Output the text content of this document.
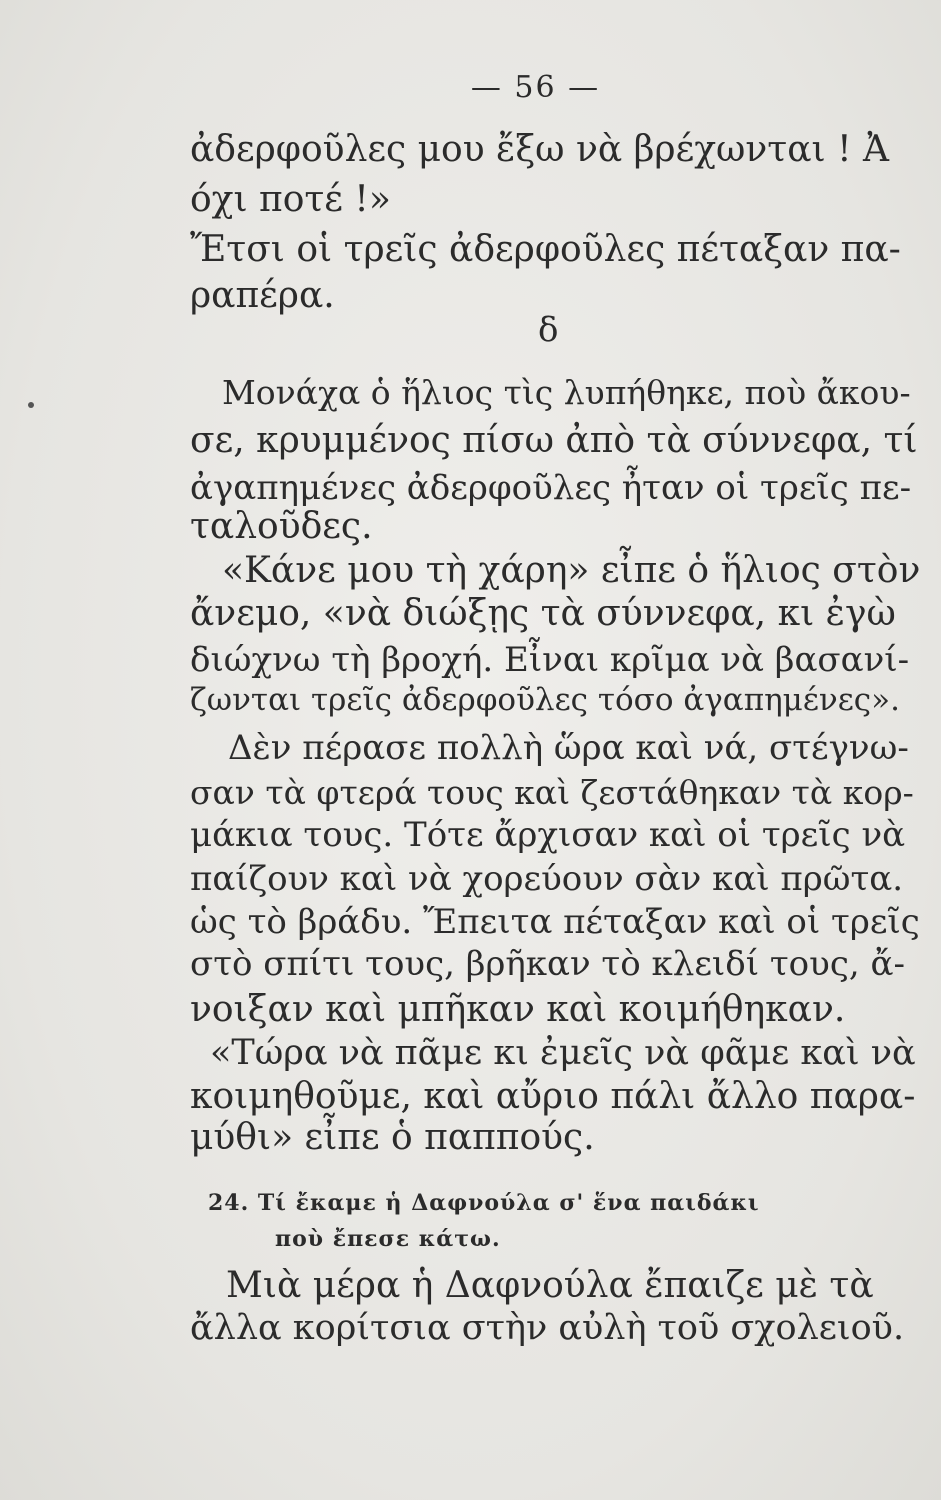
— 56 —
ἀδερφοῦλες μου ἔξω νὰ βρέχωνται ! Ἀ
όχι ποτέ !»
Ἔτσι οἱ τρεῖς ἀδερφοῦλες πέταξαν πα-
ραπέρα.
δ
Μονάχα ὁ ἥλιος τὶς λυπήθηκε, ποὺ ἄκου-
σε, κρυμμένος πίσω ἀπὸ τὰ σύννεφα, τί
ἀγαπημένες ἀδερφοῦλες ἦταν οἱ τρεῖς πε-
ταλοῦδες.
«Κάνε μου τὴ χάρη» εἶπε ὁ ἥλιος στὸν
ἄνεμο, «νὰ διώξῃς τὰ σύννεφα, κι ἐγὼ
διώχνω τὴ βροχή. Εἶναι κρῖμα νὰ βασανί-
ζωνται τρεῖς ἀδερφοῦλες τόσο ἀγαπημένες».
Δὲν πέρασε πολλὴ ὥρα καὶ νά, στέγνω-
σαν τὰ φτερά τους καὶ ζεστάθηκαν τὰ κορ-
μάκια τους. Τότε ἄρχισαν καὶ οἱ τρεῖς νὰ
παίζουν καὶ νὰ χορεύουν σὰν καὶ πρῶτα.
ὡς τὸ βράδυ. Ἔπειτα πέταξαν καὶ οἱ τρεῖς
στὸ σπίτι τους, βρῆκαν τὸ κλειδί τους, ἄ-
νοιξαν καὶ μπῆκαν καὶ κοιμήθηκαν.
«Τώρα νὰ πᾶμε κι ἐμεῖς νὰ φᾶμε καὶ νὰ
κοιμηθοῦμε, καὶ αὔριο πάλι ἄλλο παρα-
μύθι» εἶπε ὁ παππούς.
24. Τί ἔκαμε ἡ Δαφνούλα σ' ἕνα παιδάκι
ποὺ ἔπεσε κάτω.
Μιὰ μέρα ἡ Δαφνούλα ἔπαιζε μὲ τὰ
ἄλλα κορίτσια στὴν αὐλὴ τοῦ σχολειοῦ.
